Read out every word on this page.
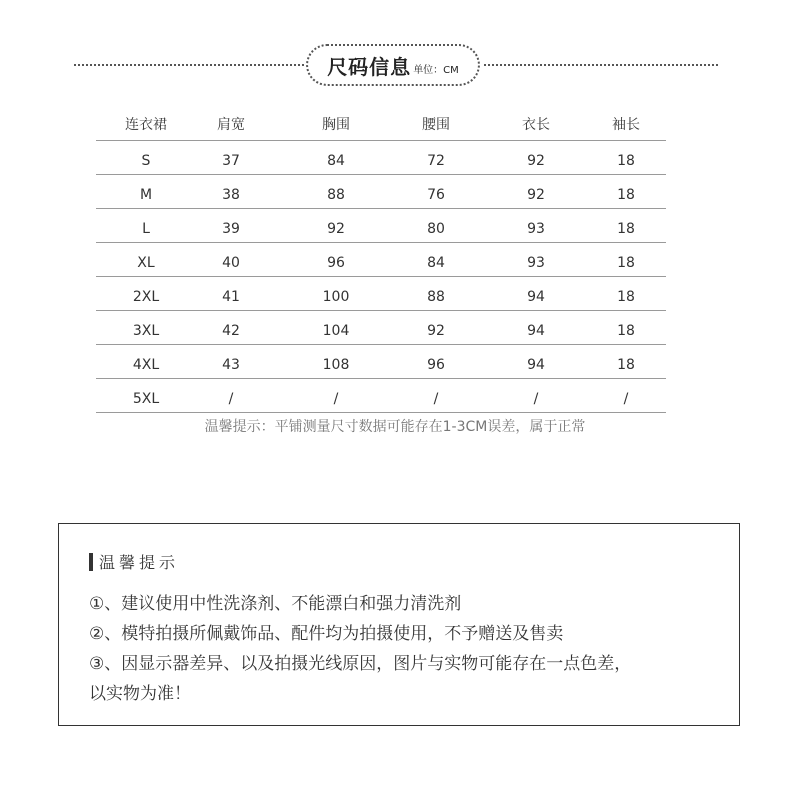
尺码信息 单位：CM
连衣裙	肩宽	胸围	腰围	衣长	袖长
S	37	84	72	92	18
M	38	88	76	92	18
L	39	92	80	93	18
XL	40	96	84	93	18
2XL	41	100	88	94	18
3XL	42	104	92	94	18
4XL	43	108	96	94	18
5XL	/	/	/	/	/
温馨提示：平铺测量尺寸数据可能存在1-3CM误差，属于正常
温馨提示
①、建议使用中性洗涤剂、不能漂白和强力清洗剂
②、模特拍摄所佩戴饰品、配件均为拍摄使用，不予赠送及售卖
③、因显示器差异、以及拍摄光线原因，图片与实物可能存在一点色差，
以实物为准！
